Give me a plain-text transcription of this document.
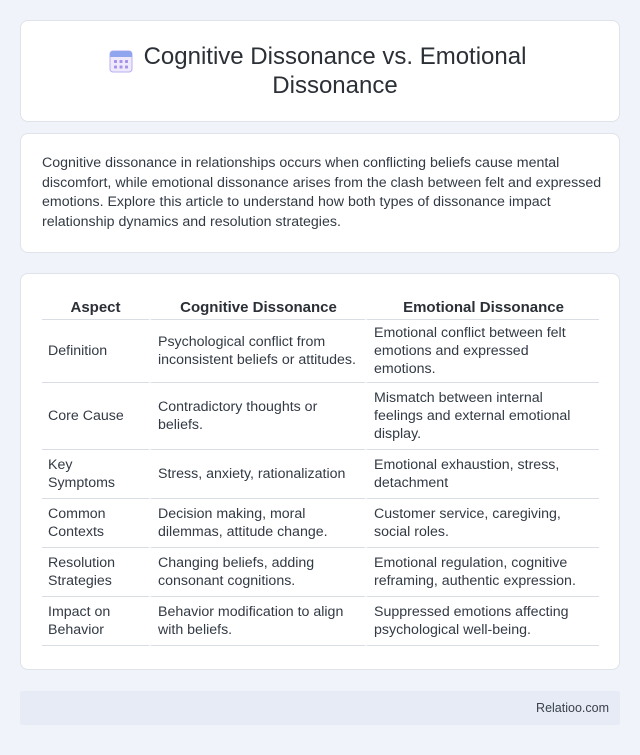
Cognitive Dissonance vs. Emotional Dissonance

Cognitive dissonance in relationships occurs when conflicting beliefs cause mental discomfort, while emotional dissonance arises from the clash between felt and expressed emotions. Explore this article to understand how both types of dissonance impact relationship dynamics and resolution strategies.

Aspect	Cognitive Dissonance	Emotional Dissonance
Definition	Psychological conflict from inconsistent beliefs or attitudes.	Emotional conflict between felt emotions and expressed emotions.
Core Cause	Contradictory thoughts or beliefs.	Mismatch between internal feelings and external emotional display.
Key Symptoms	Stress, anxiety, rationalization	Emotional exhaustion, stress, detachment
Common Contexts	Decision making, moral dilemmas, attitude change.	Customer service, caregiving, social roles.
Resolution Strategies	Changing beliefs, adding consonant cognitions.	Emotional regulation, cognitive reframing, authentic expression.
Impact on Behavior	Behavior modification to align with beliefs.	Suppressed emotions affecting psychological well-being.
Relatioo.com
